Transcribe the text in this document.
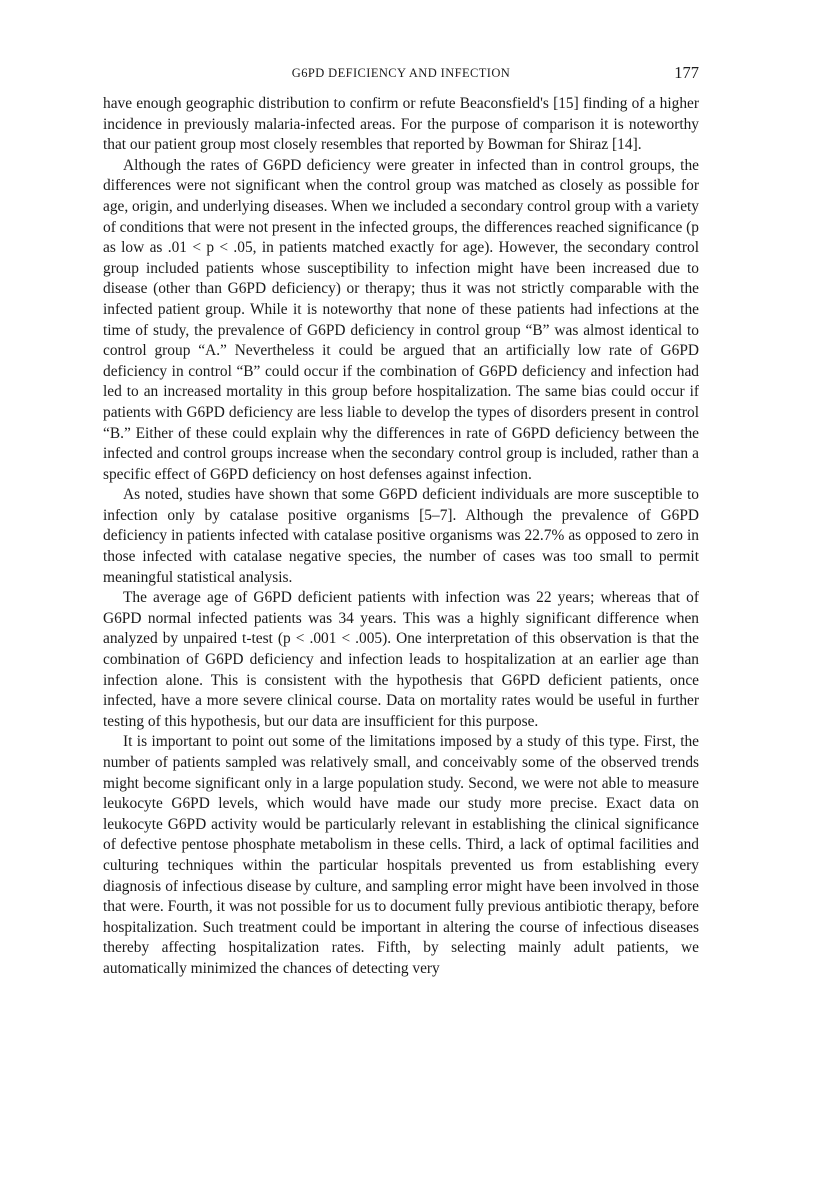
G6PD DEFICIENCY AND INFECTION	177

have enough geographic distribution to confirm or refute Beaconsfield's [15] finding of a higher incidence in previously malaria-infected areas. For the purpose of comparison it is noteworthy that our patient group most closely resembles that reported by Bowman for Shiraz [14].

Although the rates of G6PD deficiency were greater in infected than in control groups, the differences were not significant when the control group was matched as closely as possible for age, origin, and underlying diseases. When we included a secondary control group with a variety of conditions that were not present in the infected groups, the differences reached significance (p as low as .01 < p < .05, in patients matched exactly for age). However, the secondary control group included patients whose susceptibility to infection might have been increased due to disease (other than G6PD deficiency) or therapy; thus it was not strictly comparable with the infected patient group. While it is noteworthy that none of these patients had infections at the time of study, the prevalence of G6PD deficiency in control group “B” was almost identical to control group “A.” Nevertheless it could be argued that an artificially low rate of G6PD deficiency in control “B” could occur if the combination of G6PD deficiency and infection had led to an increased mortality in this group before hospitalization. The same bias could occur if patients with G6PD deficiency are less liable to develop the types of disorders present in control “B.” Either of these could explain why the differences in rate of G6PD deficiency between the infected and control groups increase when the secondary control group is included, rather than a specific effect of G6PD deficiency on host defenses against infection.

As noted, studies have shown that some G6PD deficient individuals are more susceptible to infection only by catalase positive organisms [5–7]. Although the prevalence of G6PD deficiency in patients infected with catalase positive organisms was 22.7% as opposed to zero in those infected with catalase negative species, the number of cases was too small to permit meaningful statistical analysis.

The average age of G6PD deficient patients with infection was 22 years; whereas that of G6PD normal infected patients was 34 years. This was a highly significant difference when analyzed by unpaired t-test (p < .001 < .005). One interpretation of this observation is that the combination of G6PD deficiency and infection leads to hospitalization at an earlier age than infection alone. This is consistent with the hypothesis that G6PD deficient patients, once infected, have a more severe clinical course. Data on mortality rates would be useful in further testing of this hypothesis, but our data are insufficient for this purpose.

It is important to point out some of the limitations imposed by a study of this type. First, the number of patients sampled was relatively small, and conceivably some of the observed trends might become significant only in a large population study. Second, we were not able to measure leukocyte G6PD levels, which would have made our study more precise. Exact data on leukocyte G6PD activity would be particularly relevant in establishing the clinical significance of defective pentose phosphate metabolism in these cells. Third, a lack of optimal facilities and culturing techniques within the particular hospitals prevented us from establishing every diagnosis of infectious disease by culture, and sampling error might have been involved in those that were. Fourth, it was not possible for us to document fully previous antibiotic therapy, before hospitalization. Such treatment could be important in altering the course of infectious diseases thereby affecting hospitalization rates. Fifth, by selecting mainly adult patients, we automatically minimized the chances of detecting very
